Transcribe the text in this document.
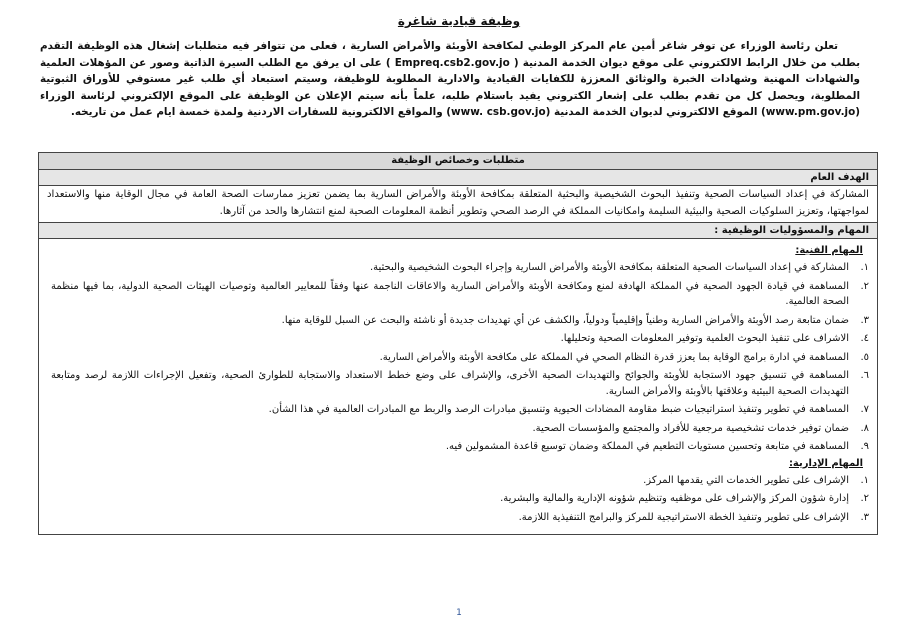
وظيفة قيادية شاغرة
تعلن رئاسة الوزراء عن توفر شاغر أمين عام المركز الوطني لمكافحة الأوبئة والأمراض السارية ، فعلى من تتوافر فيه متطلبات إشغال هذه الوظيفة التقدم بطلب من خلال الرابط الالكتروني على موقع ديوان الخدمة المدنية ( Empreq.csb2.gov.jo ) على ان يرفق مع الطلب السيرة الذاتية وصور عن المؤهلات العلمية والشهادات المهنية وشهادات الخبرة والوثائق المعززة للكفايات القيادية والادارية المطلوبة للوظيفة، وسيتم استبعاد أي طلب غير مستوفي للأوراق الثبوتية المطلوبة، ويحصل كل من تقدم بطلب على إشعار الكتروني يفيد باستلام طلبه، علماً بأنه سيتم الإعلان عن الوظيفة على الموقع الإلكتروني لرئاسة الوزراء (www.pm.gov.jo) الموقع الالكتروني لديوان الخدمة المدنية (www. csb.gov.jo) والمواقع الالكترونية للسفارات الاردنية ولمدة خمسة ايام عمل من تاريخه.
متطلبات وخصائص الوظيفة
الهدف العام
المشاركة في إعداد السياسات الصحية وتنفيذ البحوث الشخيصية والبحثية المتعلقة بمكافحة الأوبئة والأمراض السارية بما يضمن تعزيز ممارسات الصحة العامة في مجال الوقاية منها والاستعداد لمواجهتها، وتعزيز السلوكيات الصحية والبيئية السليمة وامكانيات المملكة في الرصد الصحي وتطوير أنظمة المعلومات الصحية لمنع انتشارها والحد من آثارها.
المهام والمسؤوليات الوظيفية :
المهام الفنية:
١.
المشاركة في إعداد السياسات الصحية المتعلقة بمكافحة الأوبئة والأمراض السارية وإجراء البحوث الشخيصية والبحثية.
٢.
المساهمة في قيادة الجهود الصحية في المملكة الهادفة لمنع ومكافحة الأوبئة والأمراض السارية والاعاقات الناجمة عنها وفقاً للمعايير العالمية وتوصيات الهيئات الصحية الدولية، بما فيها منظمة الصحة العالمية.
٣.
ضمان متابعة رصد الأوبئة والأمراض السارية وطنياً وإقليمياً ودولياً، والكشف عن أي تهديدات جديدة أو ناشئة والبحث عن السبل للوقاية منها.
٤.
الاشراف على تنفيذ البحوث العلمية وتوفير المعلومات الصحية وتحليلها.
٥.
المساهمة في ادارة برامج الوقاية بما يعزز قدرة النظام الصحي في المملكة على مكافحة الأوبئة والأمراض السارية.
٦.
المساهمة في تنسيق جهود الاستجابة للأوبئة والجوائح والتهديدات الصحية الأخرى، والإشراف على وضع خطط الاستعداد والاستجابة للطوارئ الصحية، وتفعيل الإجراءات اللازمة لرصد ومتابعة التهديدات الصحية البيئية وعلاقتها بالأوبئة والأمراض السارية.
٧.
المساهمة في تطوير وتنفيذ استراتيجيات ضبط مقاومة المضادات الحيوية وتنسيق مبادرات الرصد والربط مع المبادرات العالمية في هذا الشأن.
٨.
ضمان توفير خدمات تشخيصية مرجعية للأفراد والمجتمع والمؤسسات الصحية.
٩.
المساهمة في متابعة وتحسين مستويات التطعيم في المملكة وضمان توسيع قاعدة المشمولين فيه.
المهام الإدارية:
١.
الإشراف على تطوير الخدمات التي يقدمها المركز.
٢.
إدارة شؤون المركز والإشراف على موظفيه وتنظيم شؤونه الإدارية والمالية والبشرية.
٣.
الإشراف على تطوير وتنفيذ الخطة الاستراتيجية للمركز والبرامج التنفيذية اللازمة.
1
